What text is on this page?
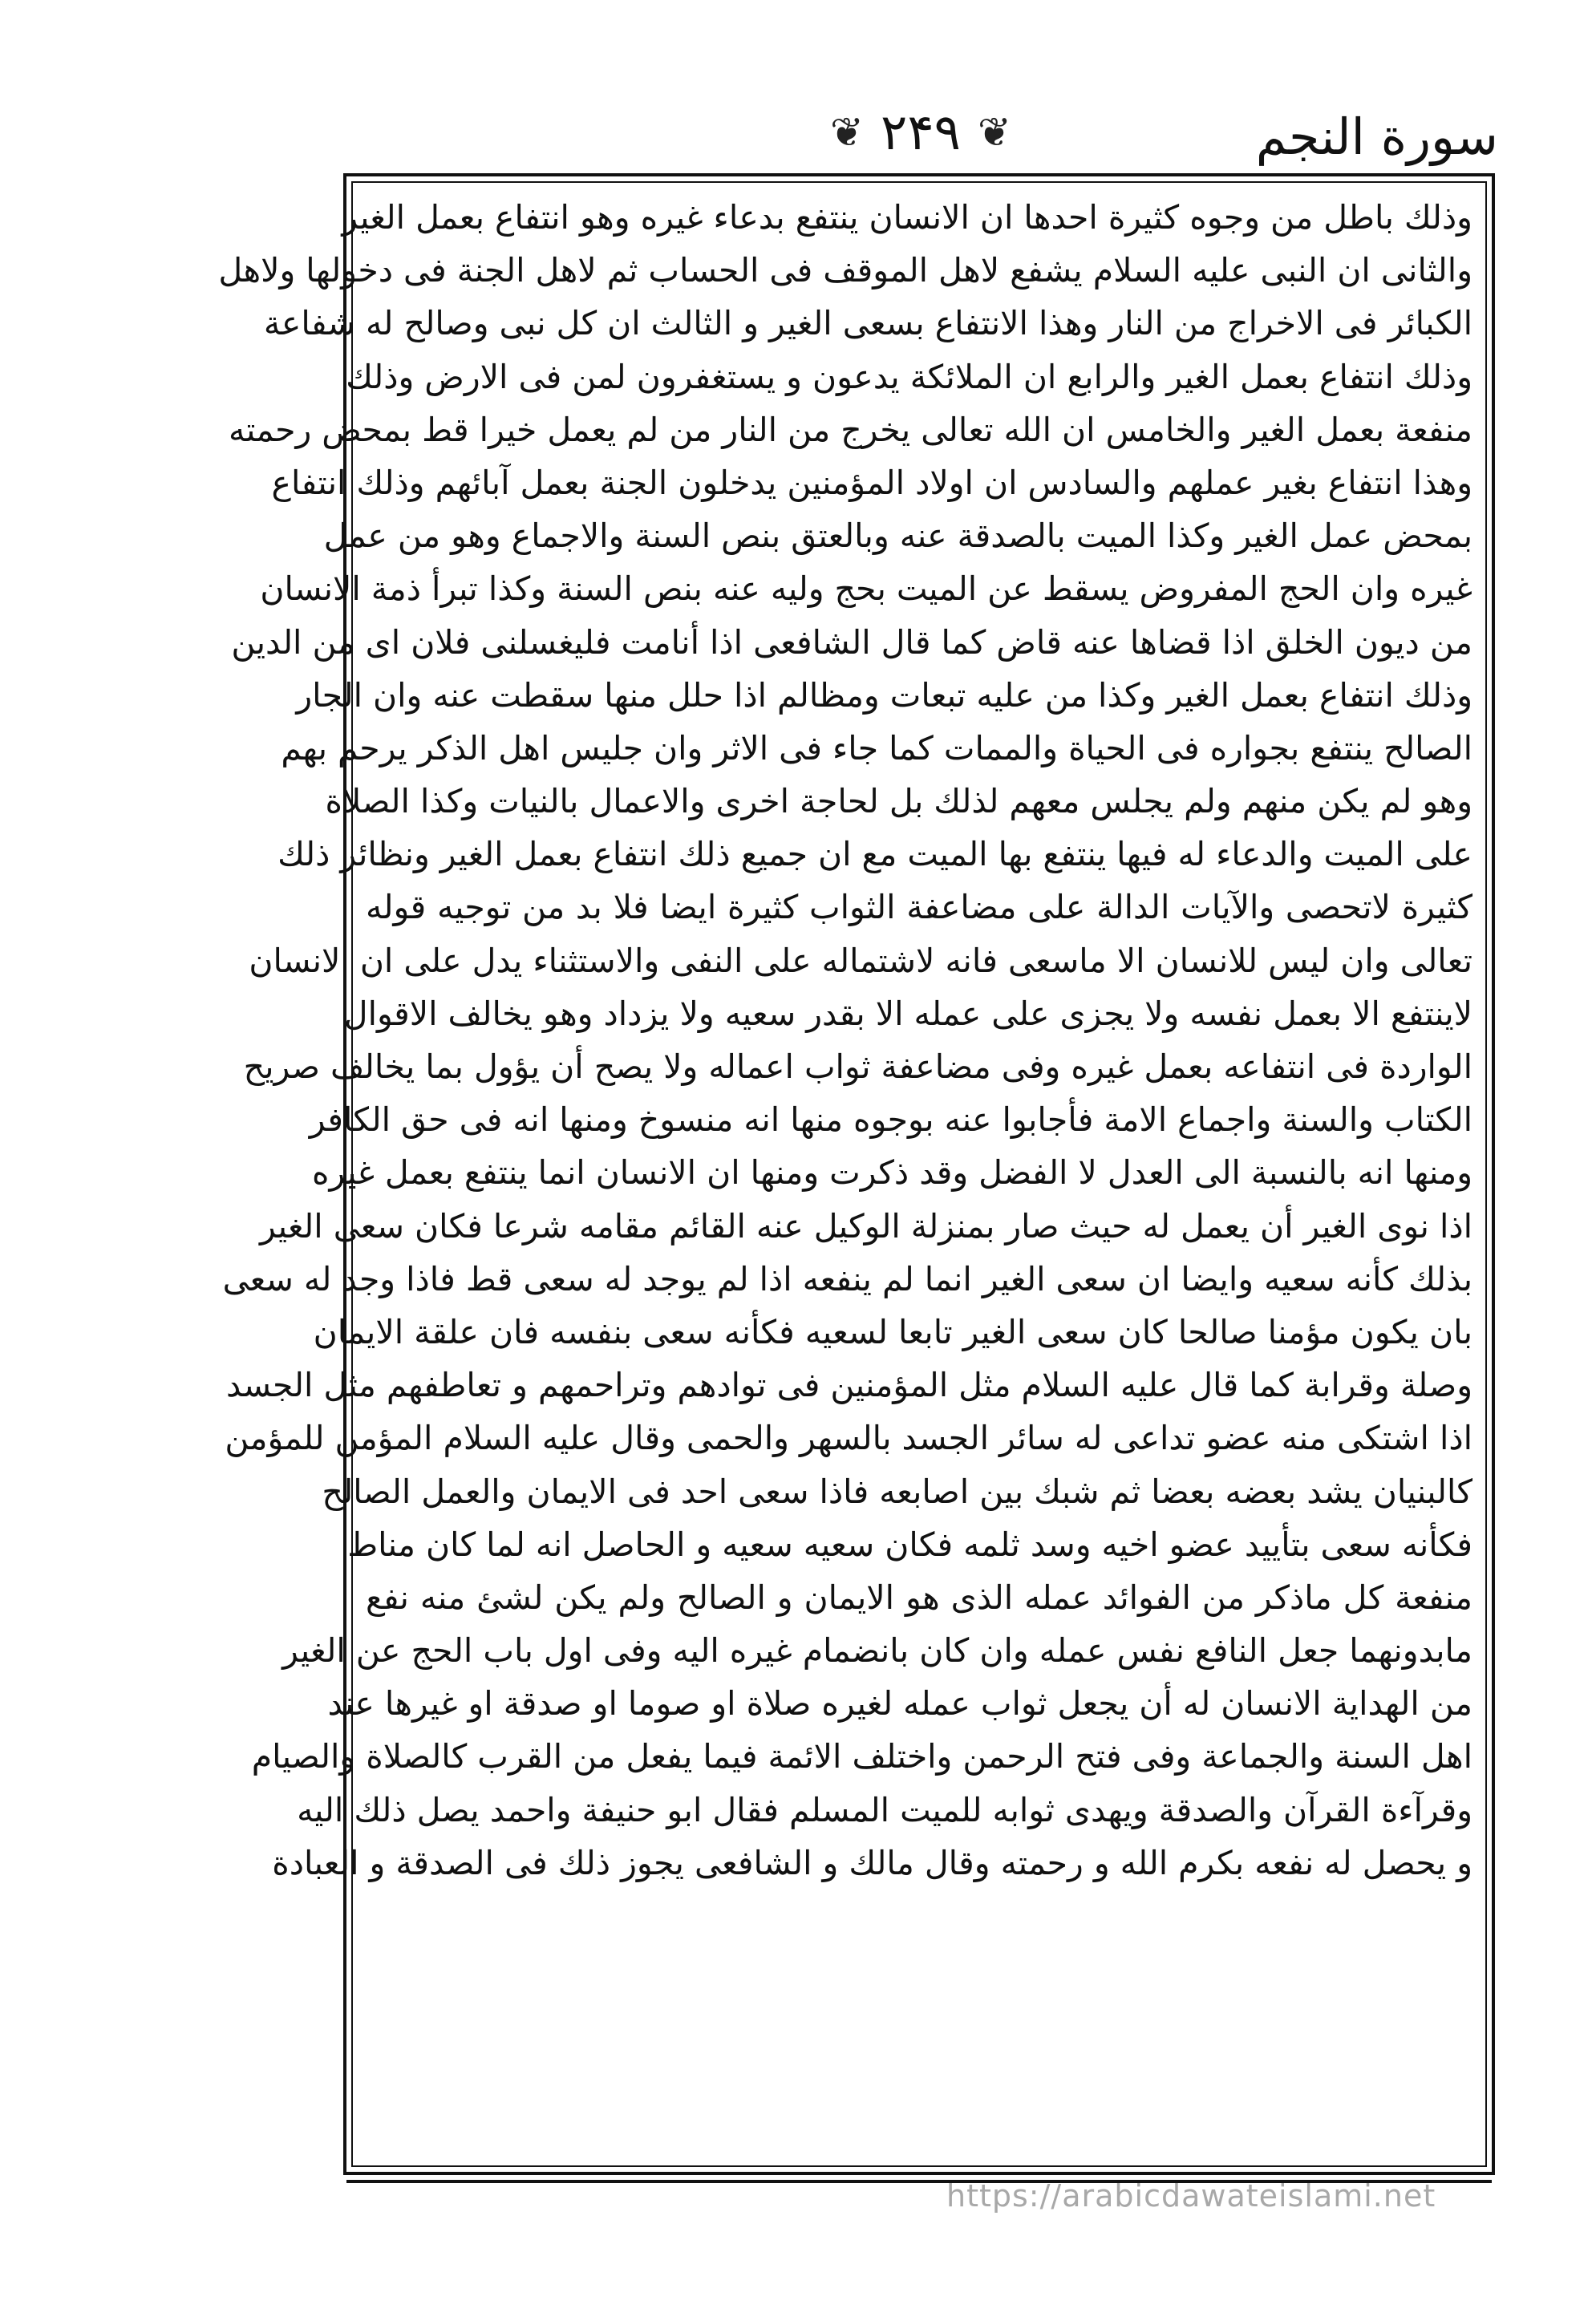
❦ ۲۴۹ ❦	سورة النجم
وذلك باطل من وجوه كثيرة احدها ان الانسان ينتفع بدعاء غيره وهو انتفاع بعمل الغير
والثانى ان النبى عليه السلام يشفع لاهل الموقف فى الحساب ثم لاهل الجنة فى دخولها ولاهل
الكبائر فى الاخراج من النار وهذا الانتفاع بسعى الغير و الثالث ان كل نبى وصالح له شفاعة
وذلك انتفاع بعمل الغير والرابع ان الملائكة يدعون و يستغفرون لمن فى الارض وذلك
منفعة بعمل الغير والخامس ان الله تعالى يخرج من النار من لم يعمل خيرا قط بمحض رحمته
وهذا انتفاع بغير عملهم والسادس ان اولاد المؤمنين يدخلون الجنة بعمل آبائهم وذلك انتفاع
بمحض عمل الغير وكذا الميت بالصدقة عنه وبالعتق بنص السنة والاجماع وهو من عمل
غيره وان الحج المفروض يسقط عن الميت بحج وليه عنه بنص السنة وكذا تبرأ ذمة الانسان
من ديون الخلق اذا قضاها عنه قاض كما قال الشافعى اذا أنامت فليغسلنى فلان اى من الدين
وذلك انتفاع بعمل الغير وكذا من عليه تبعات ومظالم اذا حلل منها سقطت عنه وان الجار
الصالح ينتفع بجواره فى الحياة والممات كما جاء فى الاثر وان جليس اهل الذكر يرحم بهم
وهو لم يكن منهم ولم يجلس معهم لذلك بل لحاجة اخرى والاعمال بالنيات وكذا الصلاة
على الميت والدعاء له فيها ينتفع بها الميت مع ان جميع ذلك انتفاع بعمل الغير ونظائر ذلك
كثيرة لاتحصى والآيات الدالة على مضاعفة الثواب كثيرة ايضا فلا بد من توجيه قوله
تعالى وان ليس للانسان الا ماسعى فانه لاشتماله على النفى والاستثناء يدل على ان الانسان
لاينتفع الا بعمل نفسه ولا يجزى على عمله الا بقدر سعيه ولا يزداد وهو يخالف الاقوال
الواردة فى انتفاعه بعمل غيره وفى مضاعفة ثواب اعماله ولا يصح أن يؤول بما يخالف صريح
الكتاب والسنة واجماع الامة فأجابوا عنه بوجوه منها انه منسوخ ومنها انه فى حق الكافر
ومنها انه بالنسبة الى العدل لا الفضل وقد ذكرت ومنها ان الانسان انما ينتفع بعمل غيره
اذا نوى الغير أن يعمل له حيث صار بمنزلة الوكيل عنه القائم مقامه شرعا فكان سعى الغير
بذلك كأنه سعيه وايضا ان سعى الغير انما لم ينفعه اذا لم يوجد له سعى قط فاذا وجد له سعى
بان يكون مؤمنا صالحا كان سعى الغير تابعا لسعيه فكأنه سعى بنفسه فان علقة الايمان
وصلة وقرابة كما قال عليه السلام مثل المؤمنين فى توادهم وتراحمهم و تعاطفهم مثل الجسد
اذا اشتكى منه عضو تداعى له سائر الجسد بالسهر والحمى وقال عليه السلام المؤمن للمؤمن
كالبنيان يشد بعضه بعضا ثم شبك بين اصابعه فاذا سعى احد فى الايمان والعمل الصالح
فكأنه سعى بتأييد عضو اخيه وسد ثلمه فكان سعيه سعيه و الحاصل انه لما كان مناط
منفعة كل ماذكر من الفوائد عمله الذى هو الايمان و الصالح ولم يكن لشئ منه نفع
مابدونهما جعل النافع نفس عمله وان كان بانضمام غيره اليه وفى اول باب الحج عن الغير
من الهداية الانسان له أن يجعل ثواب عمله لغيره صلاة او صوما او صدقة او غيرها عند
اهل السنة والجماعة وفى فتح الرحمن واختلف الائمة فيما يفعل من القرب كالصلاة والصيام
وقرآءة القرآن والصدقة ويهدى ثوابه للميت المسلم فقال ابو حنيفة واحمد يصل ذلك اليه
و يحصل له نفعه بكرم الله و رحمته وقال مالك و الشافعى يجوز ذلك فى الصدقة و العبادة
https://arabicdawateislami.net
